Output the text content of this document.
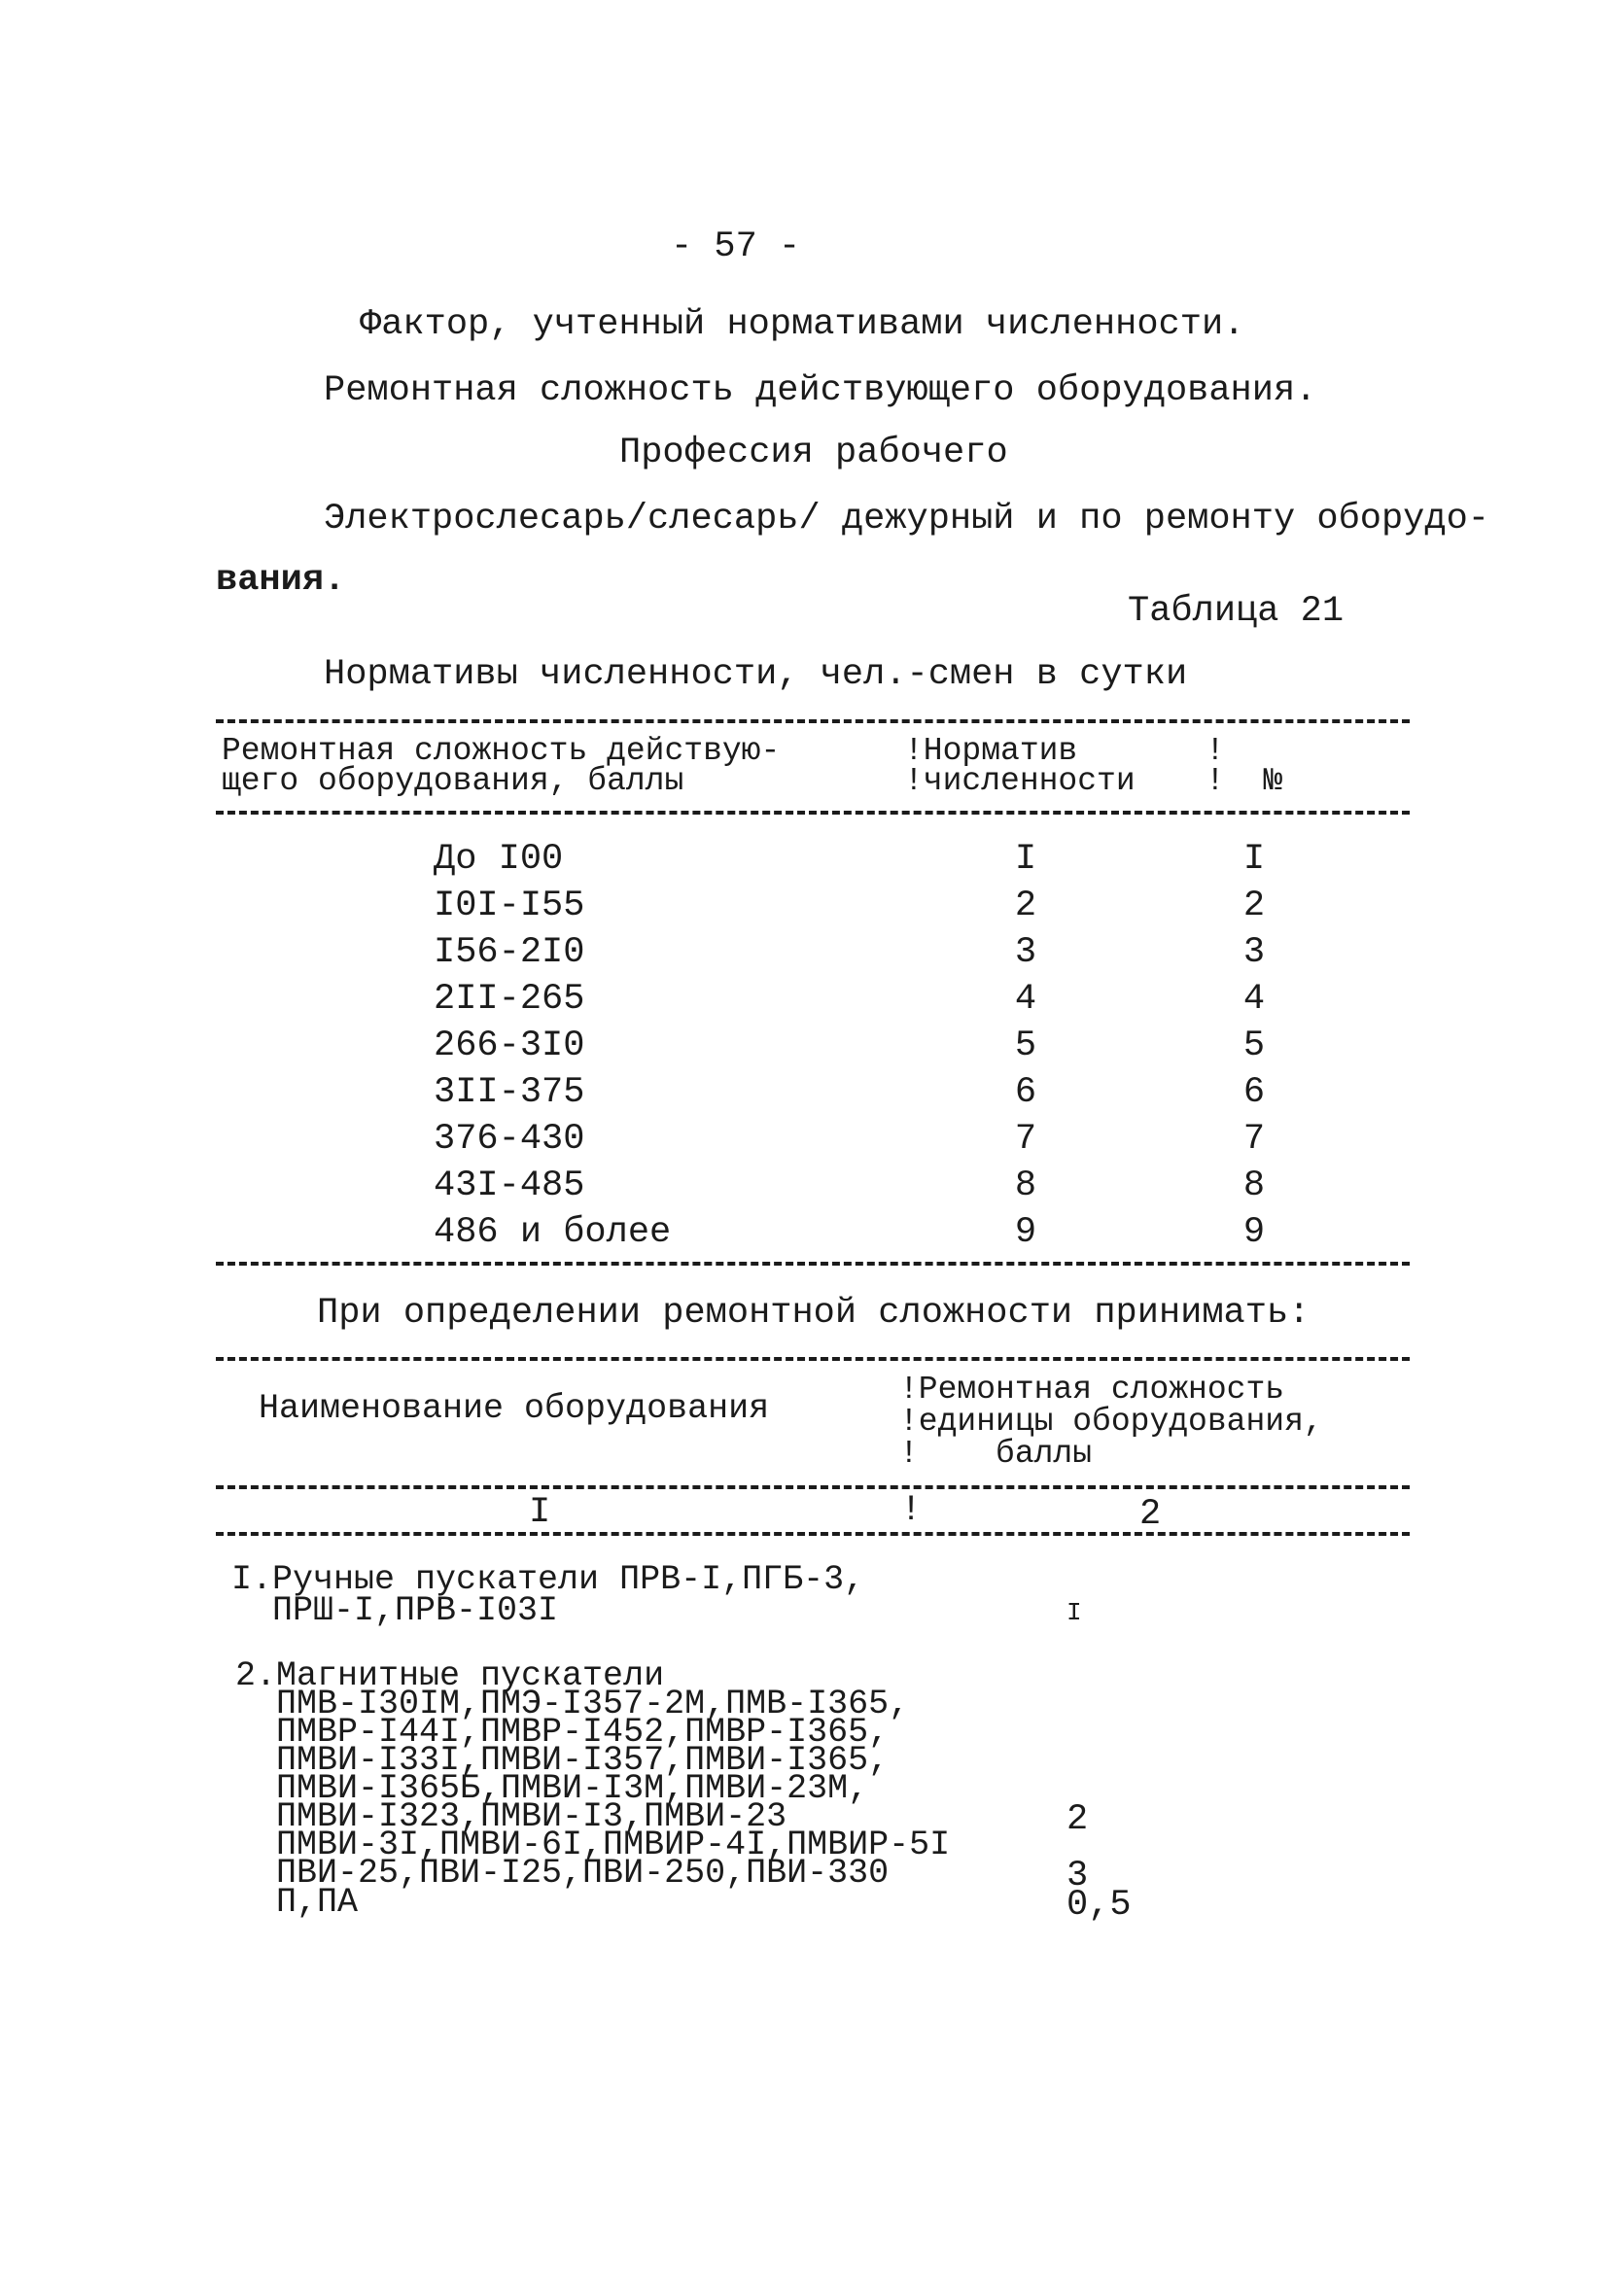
- 57 -
Фактор, учтенный нормативами численности.
Ремонтная сложность действующего оборудования.
Профессия рабочего
Электрослесарь/слесарь/ дежурный и по ремонту оборудо-
вания.
Таблица 21
Нормативы численности, чел.-смен в сутки
Ремонтная сложность действую-
щего оборудования, баллы
!Норматив
!численности
!
!  №
До I00	I	I
I0I-I55	2	2
I56-2I0	3	3
2II-265	4	4
266-3I0	5	5
3II-375	6	6
376-430	7	7
43I-485	8	8
486 и более	9	9
При определении ремонтной сложности принимать:
Наименование оборудования	!Ремонтная сложность
!единицы оборудования,
!    баллы
I	!	2
I.Ручные пускатели ПРВ-I,ПГБ-3,
ПРШ-I,ПРВ-I03I	I
2.Магнитные пускатели
ПМВ-I30IМ,ПМЭ-I357-2М,ПМВ-I365,
ПМВР-I44I,ПМВР-I452,ПМВР-I365,
ПМВИ-I33I,ПМВИ-I357,ПМВИ-I365,
ПМВИ-I365Б,ПМВИ-I3М,ПМВИ-23М,
ПМВИ-I323,ПМВИ-I3,ПМВИ-23	2
ПМВИ-3I,ПМВИ-6I,ПМВИР-4I,ПМВИР-5I
ПВИ-25,ПВИ-I25,ПВИ-250,ПВИ-330	3
П,ПА	0,5
